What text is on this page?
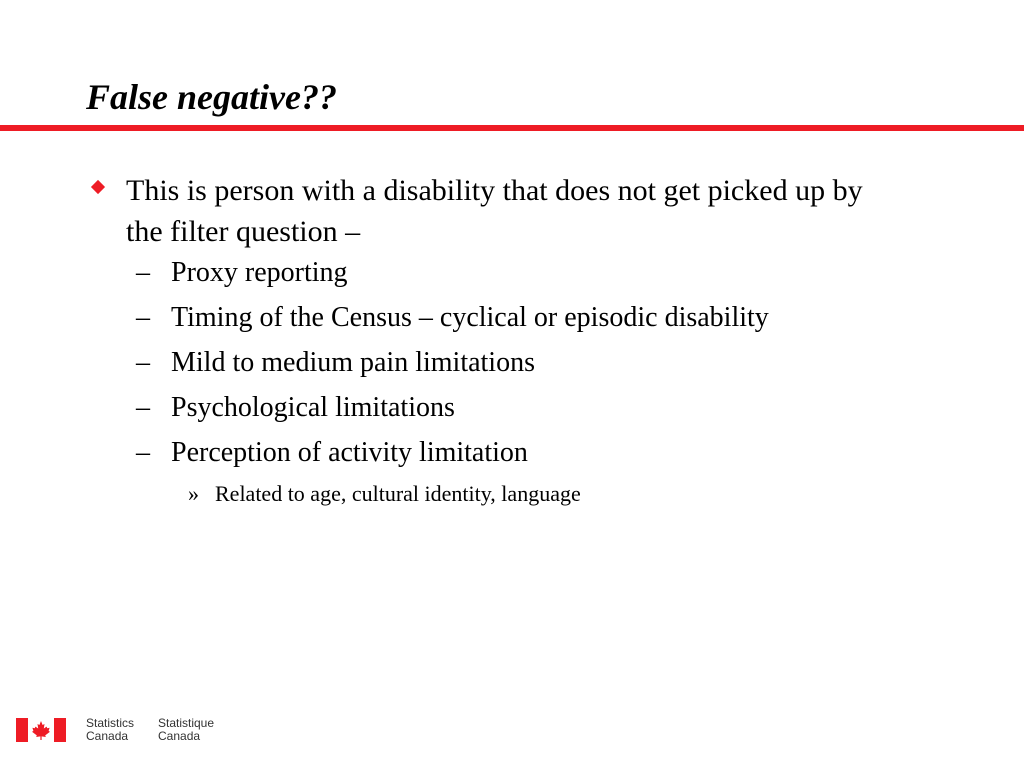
False negative??
This is person with a disability that does not get picked up by the filter question –
– Proxy reporting
– Timing of the Census – cyclical or episodic disability
– Mild to medium pain limitations
– Psychological limitations
– Perception of activity limitation
» Related to age, cultural identity, language
Statistics
Canada
Statistique
Canada
